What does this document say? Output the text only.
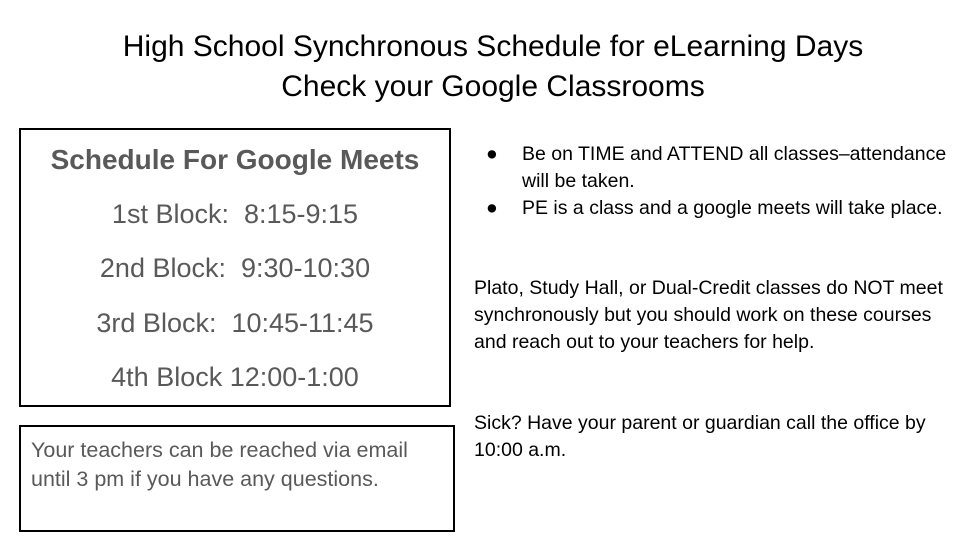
High School Synchronous Schedule for eLearning Days
Check your Google Classrooms
Schedule For Google Meets
1st Block:  8:15-9:15
2nd Block:  9:30-10:30
3rd Block:  10:45-11:45
4th Block 12:00-1:00
Your teachers can be reached via email until 3 pm if you have any questions.
● Be on TIME and ATTEND all classes–attendance will be taken.
● PE is a class and a google meets will take place.

Plato, Study Hall, or Dual-Credit classes do NOT meet synchronously but you should work on these courses and reach out to your teachers for help.

Sick? Have your parent or guardian call the office by 10:00 a.m.
